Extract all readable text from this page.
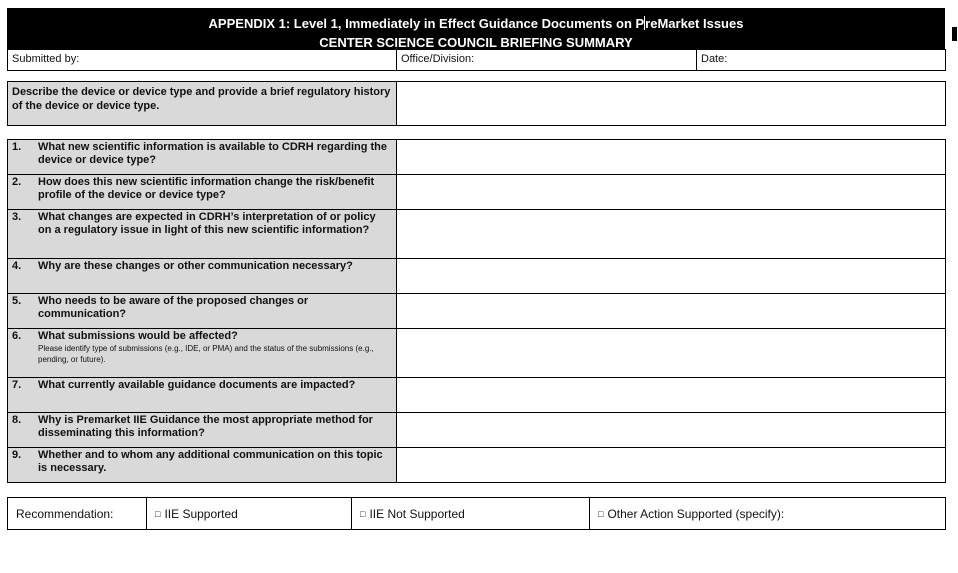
APPENDIX 1: Level 1, Immediately in Effect Guidance Documents on PreMarket Issues
CENTER SCIENCE COUNCIL BRIEFING SUMMARY
Submitted by:	Office/Division:	Date:
Describe the device or device type and provide a brief regulatory history of the device or device type.	
1. What new scientific information is available to CDRH regarding the device or device type?	

2. How does this new scientific information change the risk/benefit profile of the device or device type?	

3. What changes are expected in CDRH’s interpretation of or policy on a regulatory issue in light of this new scientific information?	

4. Why are these changes or other communication necessary?	

5. Who needs to be aware of the proposed changes or communication?	

6. What submissions would be affected?
Please identify type of submissions (e.g., IDE, or PMA) and the status of the submissions (e.g., pending, or future).	

7. What currently available guidance documents are impacted?	

8. Why is Premarket IIE Guidance the most appropriate method for disseminating this information?	

9. Whether and to whom any additional communication on this topic is necessary.	

Recommendation:	□ IIE Supported	□ IIE Not Supported	□ Other Action Supported (specify):
